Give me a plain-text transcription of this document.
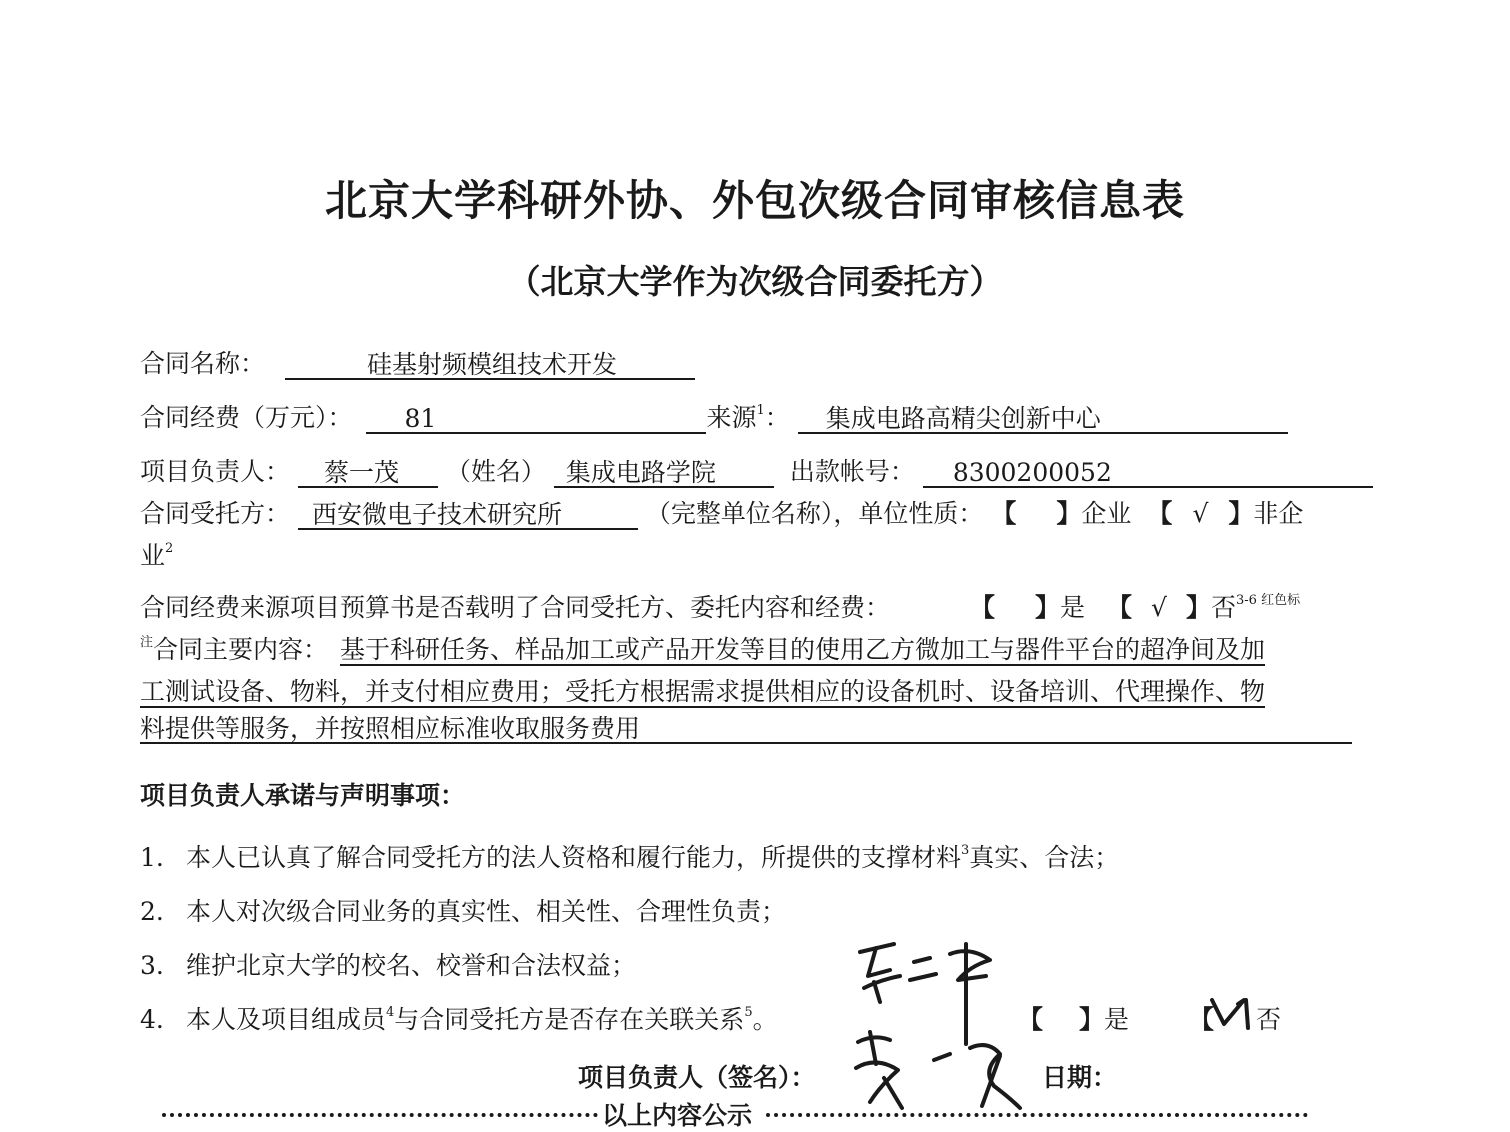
北京大学科研外协、外包次级合同审核信息表
（北京大学作为次级合同委托方）
合同名称：	硅基射频模组技术开发
合同经费（万元）： 81	来源$^1$： 集成电路高精尖创新中心
项目负责人： 蔡一茂 （姓名） 集成电路学院	出款帐号： 8300200052
合同受托方： 西安微电子技术研究所	（完整单位名称），单位性质： 【 】企业 【 √ 】非企
业$^2$
合同经费来源项目预算书是否载明了合同受托方、委托内容和经费：	【 】是 【 √ 】否$^{3-6 红色标}$
$^注$合同主要内容： 基于科研任务、样品加工或产品开发等目的使用乙方微加工与器件平台的超净间及加
工测试设备、物料，并支付相应费用；受托方根据需求提供相应的设备机时、设备培训、代理操作、物
料提供等服务，并按照相应标准收取服务费用
项目负责人承诺与声明事项：
1. 本人已认真了解合同受托方的法人资格和履行能力，所提供的支撑材料$^3$真实、合法；
2. 本人对次级合同业务的真实性、相关性、合理性负责；
3. 维护北京大学的校名、校誉和合法权益；
4. 本人及项目组成员$^4$与合同受托方是否存在关联关系$^5$。	【 】是 【 否
项目负责人（签名）：	日期：
以上内容公示
